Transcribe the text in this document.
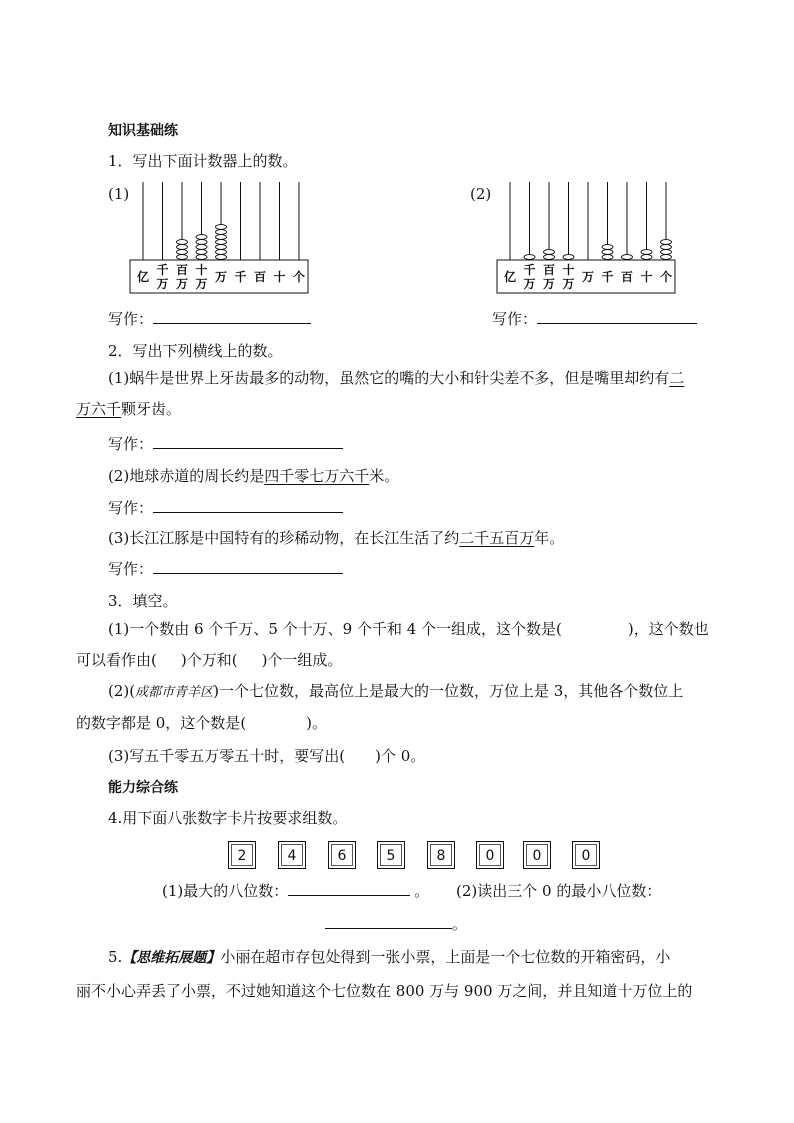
知识基础练
1．写出下面计数器上的数。
(1)
亿 千万
百万
十万 万 千 百 十 个
(2)
亿 千万
百万
十万 万 千 百 十 个
写作：	写作：
2．写出下列横线上的数。
(1)蜗牛是世界上牙齿最多的动物，虽然它的嘴的大小和针尖差不多，但是嘴里却约有二
万六千颗牙齿。
写作：
(2)地球赤道的周长约是四千零七万六千米。
写作：
(3)长江江豚是中国特有的珍稀动物，在长江生活了约二千五百万年。
写作：
3．填空。
(1)一个数由 6 个千万、5 个十万、9 个千和 4 个一组成，这个数是(	)，这个数也
可以看作由( )个万和( )个一组成。
(2)(成都市青羊区)一个七位数，最高位上是最大的一位数，万位上是 3，其他各个数位上
的数字都是 0，这个数是(	)。
(3)写五千零五万零五十时，要写出( )个 0。
能力综合练
4.用下面八张数字卡片按要求组数。
2	4	6	5	8	0	0	0
(1)最大的八位数：	。 (2)读出三个 0 的最小八位数：
。
5.【思维拓展题】小丽在超市存包处得到一张小票，上面是一个七位数的开箱密码，小
丽不小心弄丢了小票，不过她知道这个七位数在 800 万与 900 万之间，并且知道十万位上的
